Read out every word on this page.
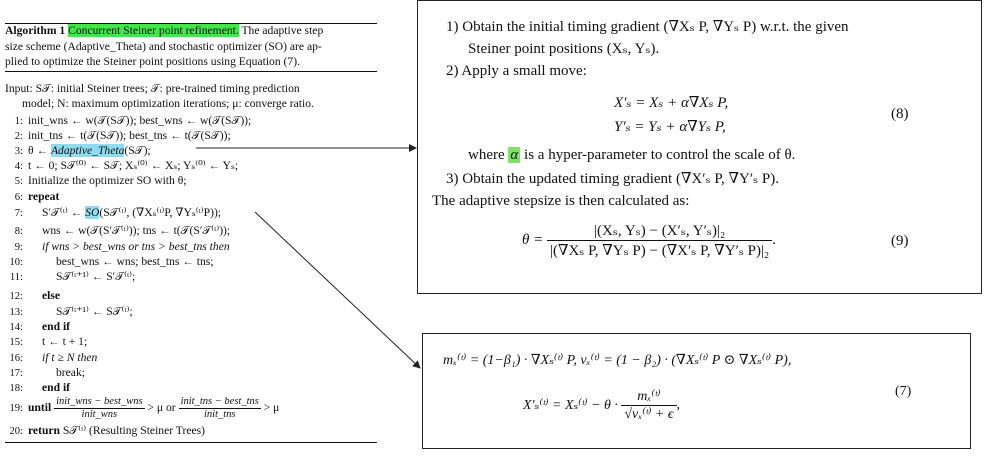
Algorithm 1 Concurrent Steiner point refinement. The adaptive step
size scheme (Adaptive_Theta) and stochastic optimizer (SO) are ap-
plied to optimize the Steiner point positions using Equation (7).
Input: S𝒯: initial Steiner trees; 𝒯: pre-trained timing prediction
model; N: maximum optimization iterations; μ: converge ratio.
1: init_wns ← w(𝒯(S𝒯)); best_wns ← w(𝒯(S𝒯));
2: init_tns ← t(𝒯(S𝒯)); best_tns ← t(𝒯(S𝒯));
3: θ ← Adaptive_Theta(S𝒯);
4: t ← 0; S𝒯⁽⁰⁾ ← S𝒯; Xₛ⁽⁰⁾ ← Xₛ; Yₛ⁽⁰⁾ ← Yₛ;
5: Initialize the optimizer SO with θ;
6: repeat
7: S′𝒯⁽ᵗ⁾ ← SO(S𝒯⁽ᵗ⁾, (∇Xₛ⁽ᵗ⁾P, ∇Yₛ⁽ᵗ⁾P));
8: wns ← w(𝒯(S′𝒯⁽ᵗ⁾)); tns ← t(𝒯(S′𝒯⁽ᵗ⁾));
9: if wns > best_wns or tns > best_tns then
10:	best_wns ← wns; best_tns ← tns;
11:	S𝒯⁽ᵗ⁺¹⁾ ← S′𝒯⁽ᵗ⁾;
12: else
13:	S𝒯⁽ᵗ⁺¹⁾ ← S𝒯⁽ᵗ⁾;
14: end if
15: t ← t + 1;
16: if t ≥ N then
17:	break;
18: end if
19: until $\frac{\text{init\_wns − best\_wns}}{\text{init\_wns}} > \mu$ or $\frac{\text{init\_tns − best\_tns}}{\text{init\_tns}} > \mu$
20: return S𝒯⁽ᵗ⁾ (Resulting Steiner Trees)
1) Obtain the initial timing gradient (∇Xₛ P, ∇Yₛ P) w.r.t. the given
Steiner point positions (Xₛ, Yₛ).
2) Apply a small move:
X′ₛ = Xₛ + α∇Xₛ P,
Y′ₛ = Yₛ + α∇Yₛ P,
(8)
where α is a hyper-parameter to control the scale of θ.
3) Obtain the updated timing gradient (∇X′ₛ P, ∇Y′ₛ P).
The adaptive stepsize is then calculated as:
$\theta = \frac{\text{|(Xₛ, Yₛ) − (X′ₛ, Y′ₛ)|₂}}{\text{|(∇Xₛ P, ∇Yₛ P) − (∇X′ₛ P, ∇Y′ₛ P)|₂}}$ .	(9)
mₓ⁽ᵗ⁾ = (1−β₁) · ∇Xₛ⁽ᵗ⁾ P, vₓ⁽ᵗ⁾ = (1 − β₂) · (∇Xₛ⁽ᵗ⁾ P ⊙ ∇Xₛ⁽ᵗ⁾ P),
X′ₛ⁽ᵗ⁾ = Xₛ⁽ᵗ⁾ − $\theta \cdot \frac{\text{mₓ⁽ᵗ⁾}}{\text{√vₓ⁽ᵗ⁾ + ϵ}}$ ,
(7)
